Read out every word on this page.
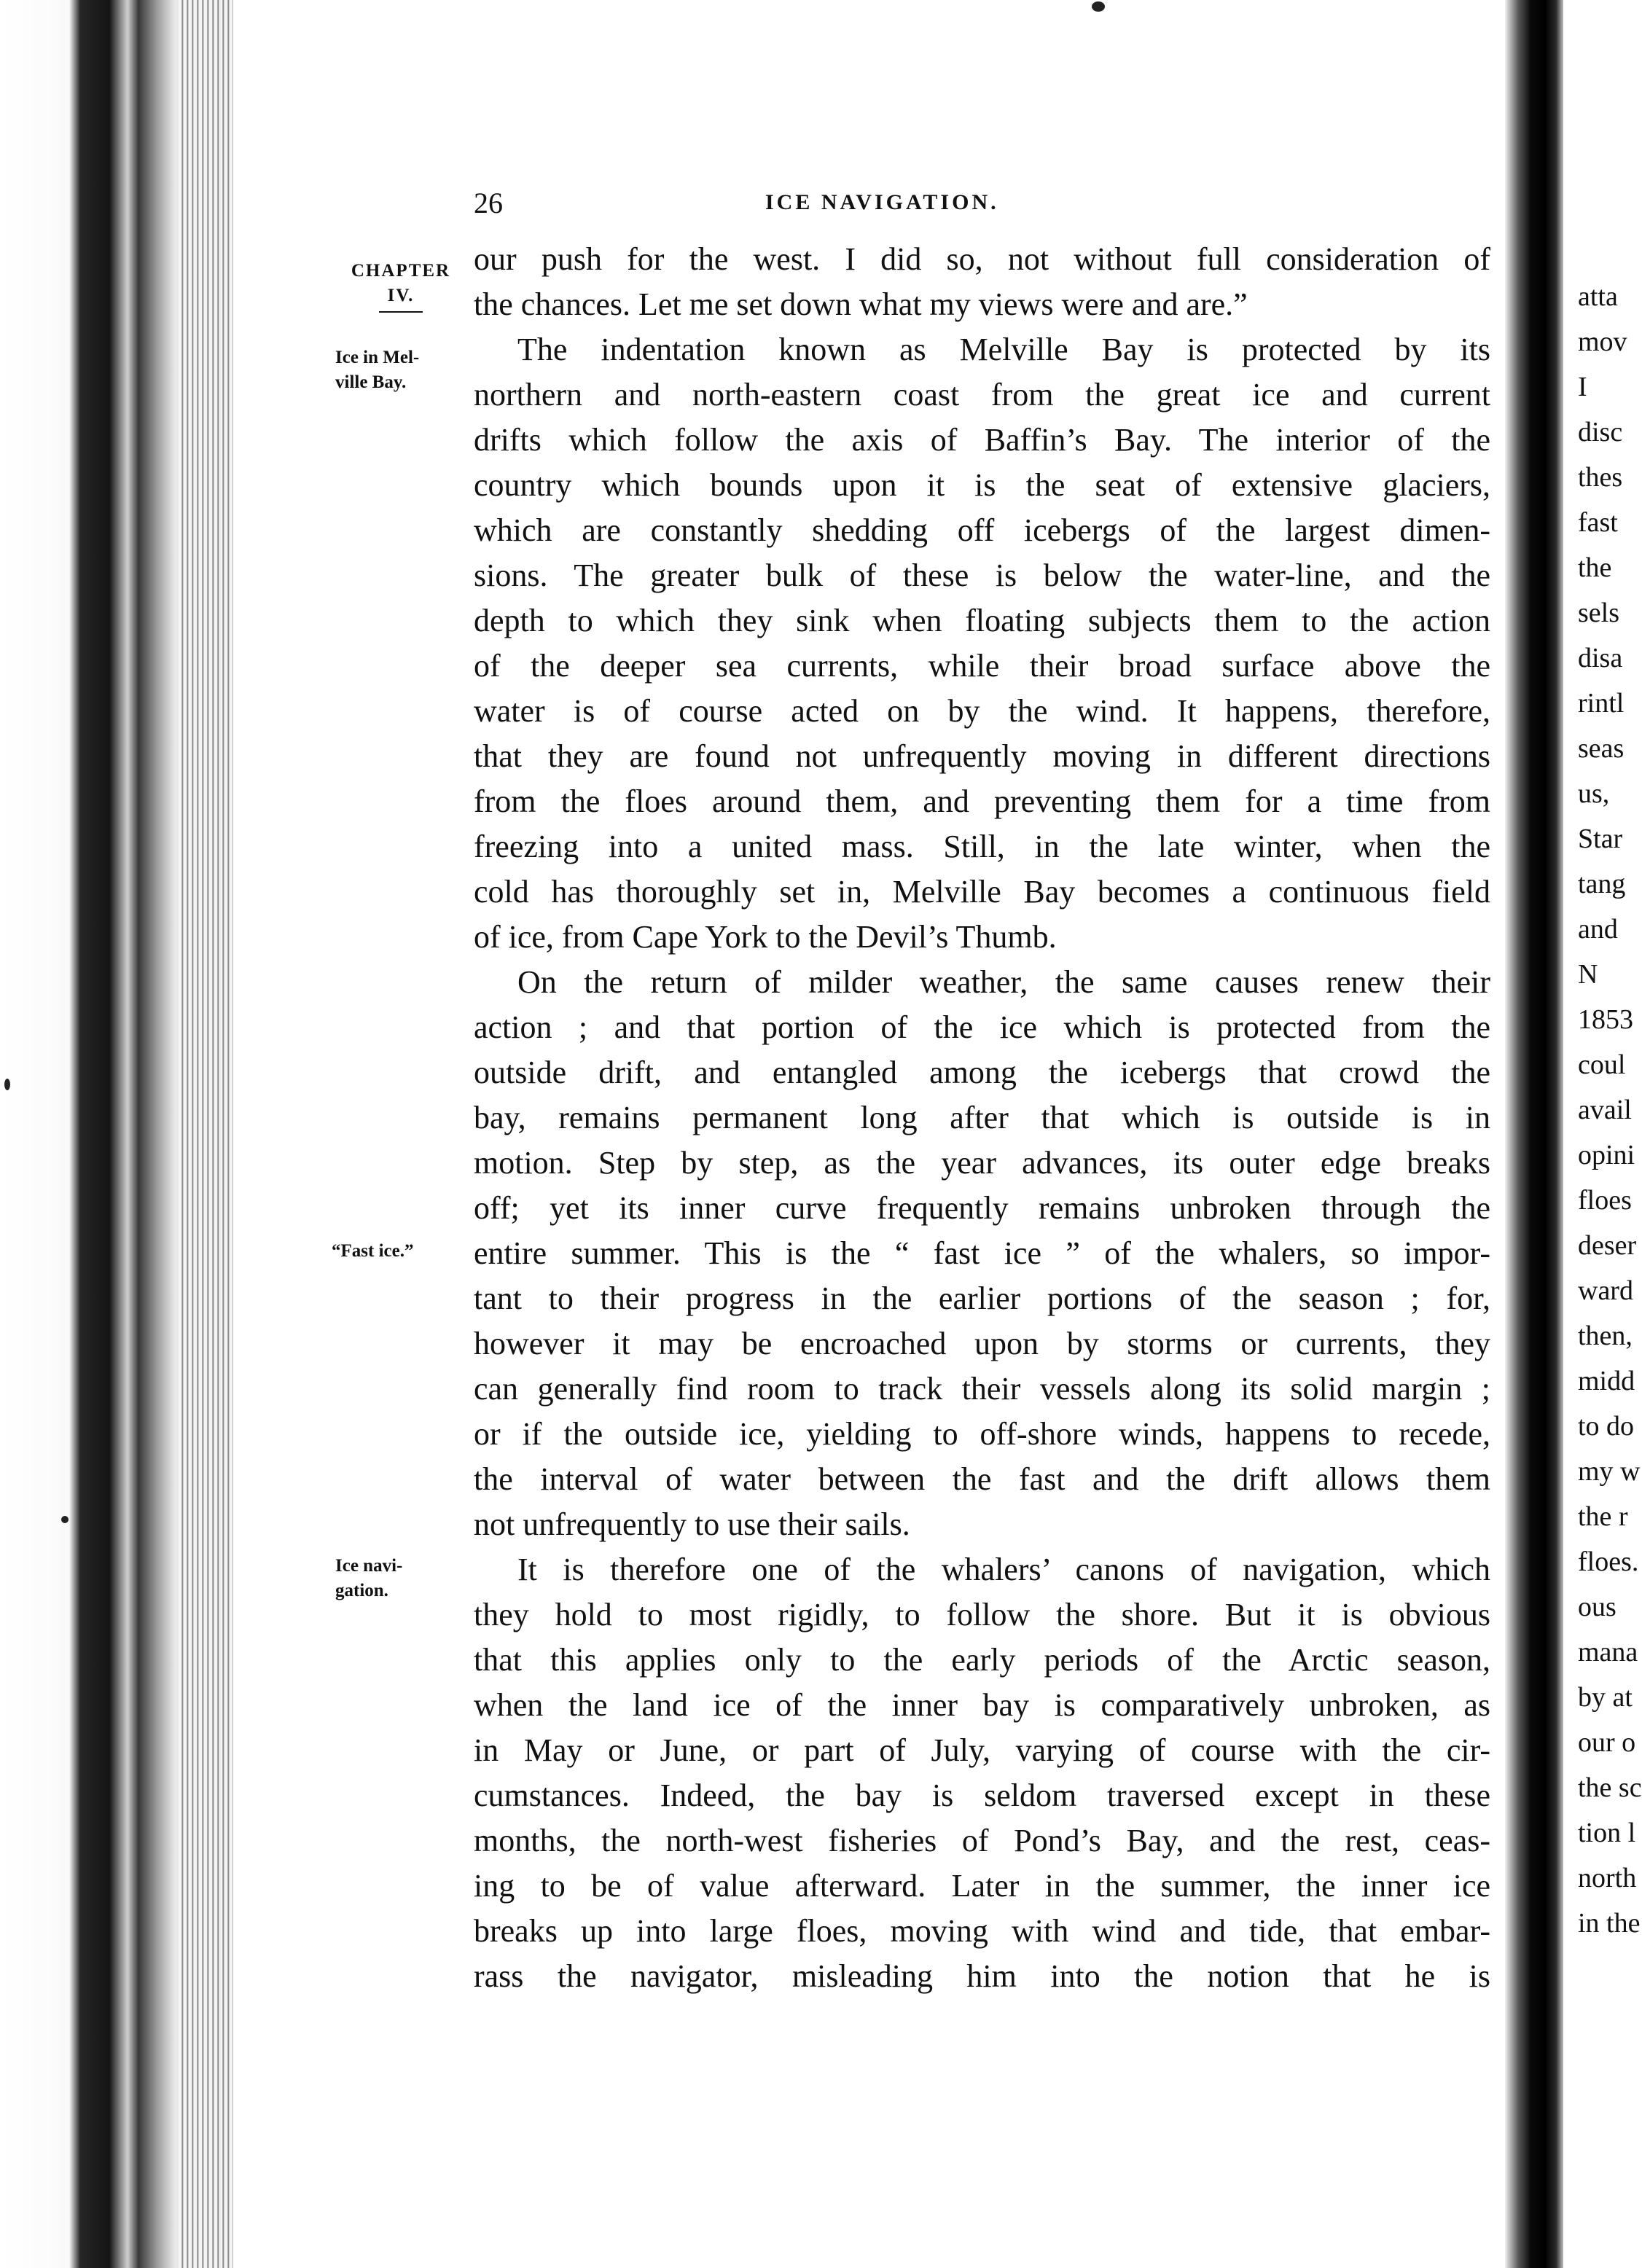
atta
mov
I
disc
thes
fast
the
sels
disa
rintl
seas
us,
Star
tang
and
N
1853
coul
avail
opini
floes
deser
ward
then,
midd
to do
my w
the r
floes.
ous
mana
by at
our o
the sc
tion l
north
in the
26	ICE NAVIGATION.
CHAPTER
IV.
Ice in Mel-
ville Bay.
“Fast ice.”
Ice navi-
gation.
our push for the west. I did so, not without full consideration of
the chances. Let me set down what my views were and are.”
The indentation known as Melville Bay is protected by its
northern and north-eastern coast from the great ice and current
drifts which follow the axis of Baffin’s Bay. The interior of the
country which bounds upon it is the seat of extensive glaciers,
which are constantly shedding off icebergs of the largest dimen-
sions. The greater bulk of these is below the water-line, and the
depth to which they sink when floating subjects them to the action
of the deeper sea currents, while their broad surface above the
water is of course acted on by the wind. It happens, therefore,
that they are found not unfrequently moving in different directions
from the floes around them, and preventing them for a time from
freezing into a united mass. Still, in the late winter, when the
cold has thoroughly set in, Melville Bay becomes a continuous field
of ice, from Cape York to the Devil’s Thumb.
On the return of milder weather, the same causes renew their
action ; and that portion of the ice which is protected from the
outside drift, and entangled among the icebergs that crowd the
bay, remains permanent long after that which is outside is in
motion. Step by step, as the year advances, its outer edge breaks
off; yet its inner curve frequently remains unbroken through the
entire summer. This is the “ fast ice ” of the whalers, so impor-
tant to their progress in the earlier portions of the season ; for,
however it may be encroached upon by storms or currents, they
can generally find room to track their vessels along its solid margin ;
or if the outside ice, yielding to off-shore winds, happens to recede,
the interval of water between the fast and the drift allows them
not unfrequently to use their sails.
It is therefore one of the whalers’ canons of navigation, which
they hold to most rigidly, to follow the shore. But it is obvious
that this applies only to the early periods of the Arctic season,
when the land ice of the inner bay is comparatively unbroken, as
in May or June, or part of July, varying of course with the cir-
cumstances. Indeed, the bay is seldom traversed except in these
months, the north-west fisheries of Pond’s Bay, and the rest, ceas-
ing to be of value afterward. Later in the summer, the inner ice
breaks up into large floes, moving with wind and tide, that embar-
rass the navigator, misleading him into the notion that he is
